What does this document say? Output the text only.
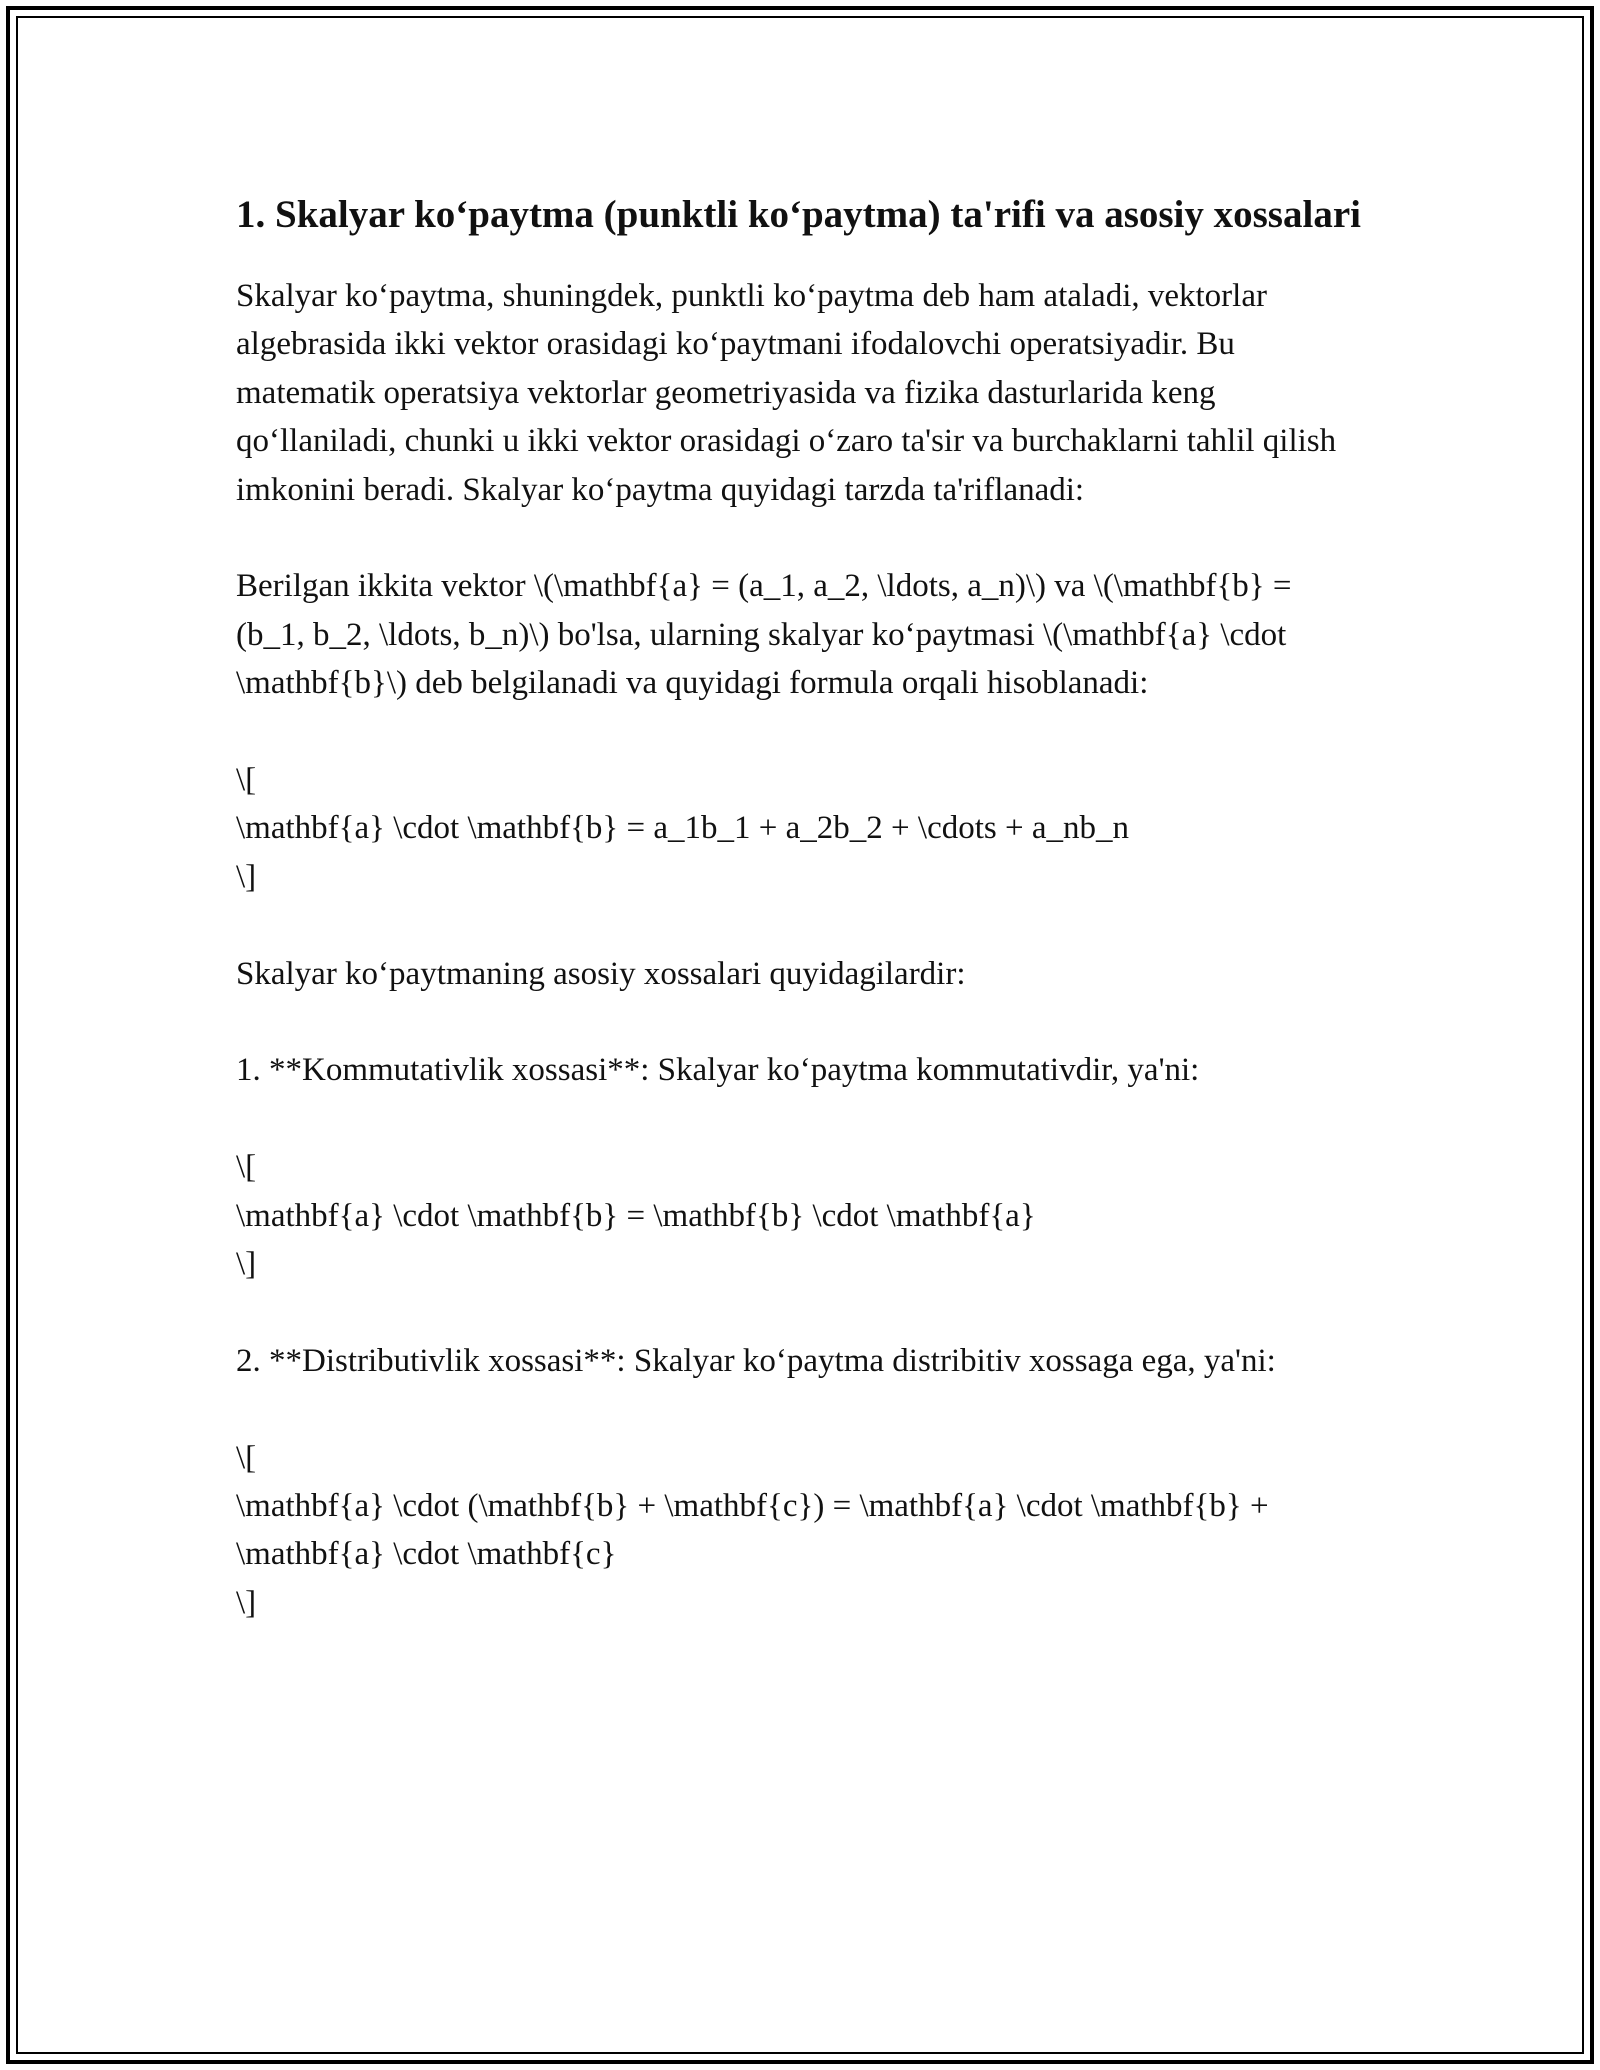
1. Skalyar ko‘paytma (punktli ko‘paytma) ta'rifi va asosiy xossalari

Skalyar ko‘paytma, shuningdek, punktli ko‘paytma deb ham ataladi, vektorlar algebrasida ikki vektor orasidagi ko‘paytmani ifodalovchi operatsiyadir. Bu matematik operatsiya vektorlar geometriyasida va fizika dasturlarida keng qo‘llaniladi, chunki u ikki vektor orasidagi o‘zaro ta'sir va burchaklarni tahlil qilish imkonini beradi. Skalyar ko‘paytma quyidagi tarzda ta'riflanadi:

Berilgan ikkita vektor \(\mathbf{a} = (a_1, a_2, \ldots, a_n)\) va \(\mathbf{b} = (b_1, b_2, \ldots, b_n)\) bo'lsa, ularning skalyar ko‘paytmasi \(\mathbf{a} \cdot \mathbf{b}\) deb belgilanadi va quyidagi formula orqali hisoblanadi:

\[

\mathbf{a} \cdot \mathbf{b} = a_1b_1 + a_2b_2 + \cdots + a_nb_n

\]

Skalyar ko‘paytmaning asosiy xossalari quyidagilardir:

1. **Kommutativlik xossasi**: Skalyar ko‘paytma kommutativdir, ya'ni:

\[

\mathbf{a} \cdot \mathbf{b} = \mathbf{b} \cdot \mathbf{a}

\]

2. **Distributivlik xossasi**: Skalyar ko‘paytma distribitiv xossaga ega, ya'ni:

\[

\mathbf{a} \cdot (\mathbf{b} + \mathbf{c}) = \mathbf{a} \cdot \mathbf{b} + \mathbf{a} \cdot \mathbf{c}

\]
